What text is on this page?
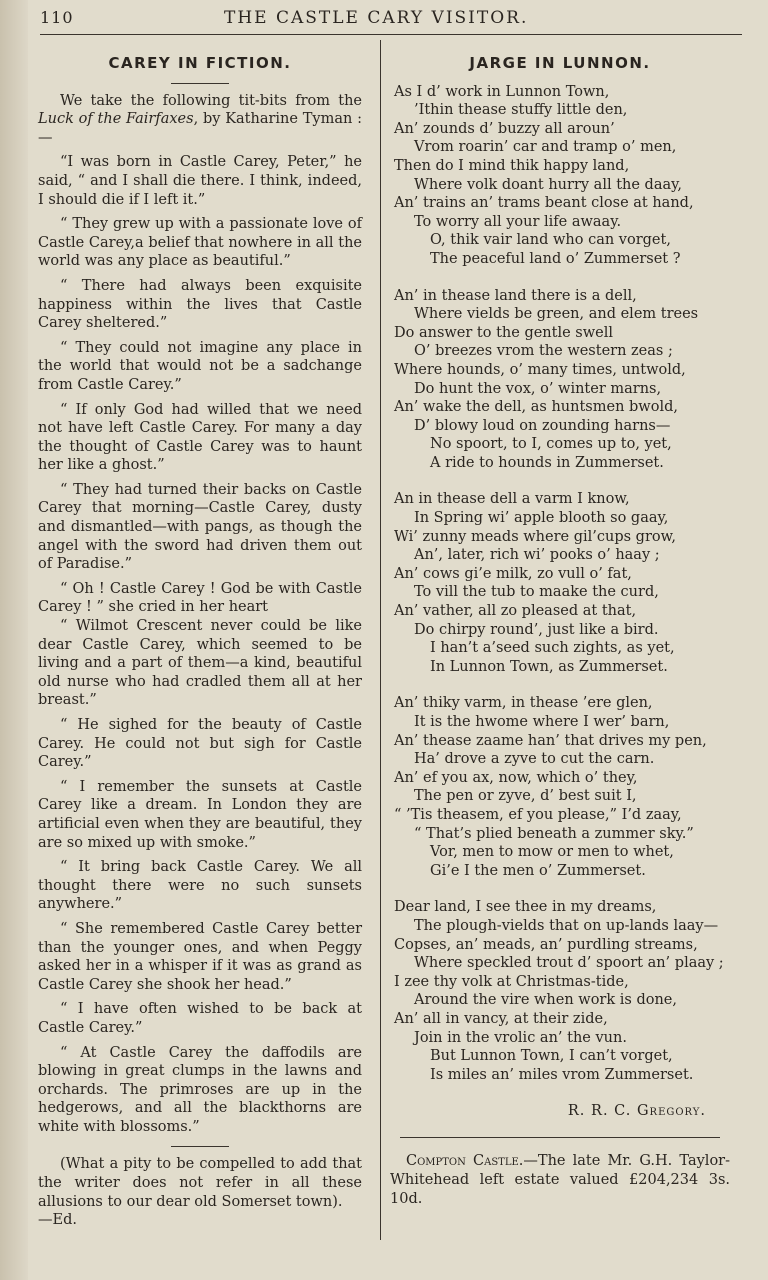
110	THE CASTLE CARY VISITOR.
CAREY IN FICTION.

We take the following tit-bits from the Luck of the Fairfaxes, by Katharine Tyman :—

“I was born in Castle Carey, Peter,” he said, “ and I shall die there. I think, indeed, I should die if I left it.”

“ They grew up with a passionate love of Castle Carey,a belief that nowhere in all the world was any place as beautiful.”

“ There had always been exquisite happiness within the lives that Castle Carey sheltered.”

“ They could not imagine any place in the world that would not be a sadchange from Castle Carey.”

“ If only God had willed that we need not have left Castle Carey. For many a day the thought of Castle Carey was to haunt her like a ghost.”

“ They had turned their backs on Castle Carey that morning—Castle Carey, dusty and dismantled—with pangs, as though the angel with the sword had driven them out of Paradise.”

“ Oh ! Castle Carey ! God be with Castle Carey ! ” she cried in her heart

“ Wilmot Crescent never could be like dear Castle Carey, which seemed to be living and a part of them—a kind, beautiful old nurse who had cradled them all at her breast.”

“ He sighed for the beauty of Castle Carey. He could not but sigh for Castle Carey.”

“ I remember the sunsets at Castle Carey like a dream. In London they are artificial even when they are beautiful, they are so mixed up with smoke.”

“ It bring back Castle Carey. We all thought there were no such sunsets anywhere.”

“ She remembered Castle Carey better than the younger ones, and when Peggy asked her in a whisper if it was as grand as Castle Carey she shook her head.”

“ I have often wished to be back at Castle Carey.”

“ At Castle Carey the daffodils are blowing in great clumps in the lawns and orchards. The primroses are up in the hedgerows, and all the blackthorns are white with blossoms.”

(What a pity to be compelled to add that the writer does not refer in all these allusions to our dear old Somerset town).
—Ed.

JARGE IN LUNNON.
As I d’ work in Lunnon Town,
’Ithin thease stuffy little den,
An’ zounds d’ buzzy all aroun’
Vrom roarin’ car and tramp o’ men,
Then do I mind thik happy land,
Where volk doant hurry all the daay,
An’ trains an’ trams beant close at hand,
To worry all your life awaay.
O, thik vair land who can vorget,
The peaceful land o’ Zummerset ?
An’ in thease land there is a dell,
Where vields be green, and elem trees
Do answer to the gentle swell
O’ breezes vrom the western zeas ;
Where hounds, o’ many times, untwold,
Do hunt the vox, o’ winter marns,
An’ wake the dell, as huntsmen bwold,
D’ blowy loud on zounding harns—
No spoort, to I, comes up to, yet,
A ride to hounds in Zummerset.
An in thease dell a varm I know,
In Spring wi’ apple blooth so gaay,
Wi’ zunny meads where gil’cups grow,
An’, later, rich wi’ pooks o’ haay ;
An’ cows gi’e milk, zo vull o’ fat,
To vill the tub to maake the curd,
An’ vather, all zo pleased at that,
Do chirpy round’, just like a bird.
I han’t a’seed such zights, as yet,
In Lunnon Town, as Zummerset.
An’ thiky varm, in thease ’ere glen,
It is the hwome where I wer’ barn,
An’ thease zaame han’ that drives my pen,
Ha’ drove a zyve to cut the carn.
An’ ef you ax, now, which o’ they,
The pen or zyve, d’ best suit I,
“ ’Tis theasem, ef you please,” I’d zaay,
“ That’s plied beneath a zummer sky.”
Vor, men to mow or men to whet,
Gi’e I the men o’ Zummerset.
Dear land, I see thee in my dreams,
The plough-vields that on up-lands laay—
Copses, an’ meads, an’ purdling streams,
Where speckled trout d’ spoort an’ plaay ;
I zee thy volk at Christmas-tide,
Around the vire when work is done,
An’ all in vancy, at their zide,
Join in the vrolic an’ the vun.
But Lunnon Town, I can’t vorget,
Is miles an’ miles vrom Zummerset.
R. R. C. Gregory.

Compton Castle.—The late Mr. G.H. Taylor-Whitehead left estate valued £204,234 3s. 10d.
